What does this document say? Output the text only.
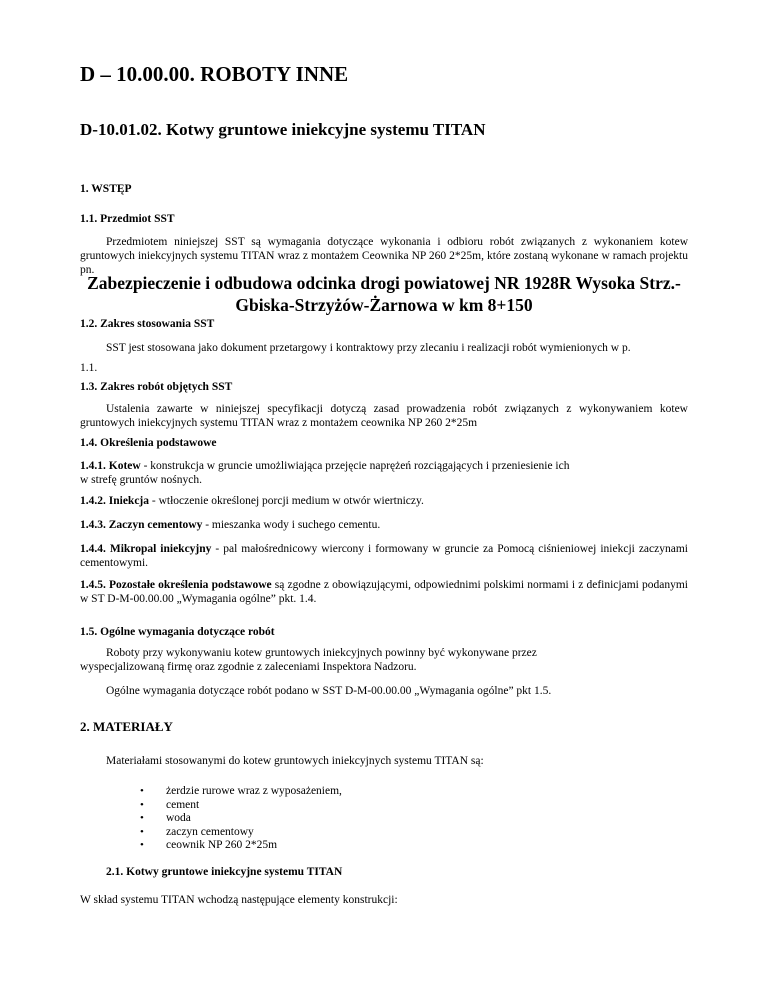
D – 10.00.00. ROBOTY INNE
D-10.01.02. Kotwy gruntowe iniekcyjne systemu TITAN
1. WSTĘP
1.1. Przedmiot SST

Przedmiotem niniejszej SST są wymagania dotyczące wykonania i odbioru robót związanych z wykonaniem kotew gruntowych iniekcyjnych systemu TITAN wraz z montażem Ceownika NP 260 2*25m, które zostaną wykonane w ramach projektu pn.

Zabezpieczenie i odbudowa odcinka drogi powiatowej NR 1928R Wysoka Strz.-
Gbiska-Strzyżów-Żarnowa w km 8+150
1.2. Zakres stosowania SST
SST jest stosowana jako dokument przetargowy i kontraktowy przy zlecaniu i realizacji robót wymienionych w p.
1.1.
1.3. Zakres robót objętych SST

Ustalenia zawarte w niniejszej specyfikacji dotyczą zasad prowadzenia robót związanych z wykonywaniem kotew gruntowych iniekcyjnych systemu TITAN wraz z montażem ceownika NP 260 2*25m

1.4. Określenia podstawowe
1.4.1. Kotew - konstrukcja w gruncie umożliwiająca przejęcie naprężeń rozciągających i przeniesienie ich
w strefę gruntów nośnych.
1.4.2. Iniekcja - wtłoczenie określonej porcji medium w otwór wiertniczy.
1.4.3. Zaczyn cementowy - mieszanka wody i suchego cementu.
1.4.4. Mikropal iniekcyjny - pal małośrednicowy wiercony i formowany w gruncie za Pomocą ciśnieniowej iniekcji zaczynami cementowymi.
1.4.5. Pozostałe określenia podstawowe są zgodne z obowiązującymi, odpowiednimi polskimi normami i z definicjami podanymi w ST D-M-00.00.00 „Wymagania ogólne” pkt. 1.4.
1.5. Ogólne wymagania dotyczące robót
Roboty przy wykonywaniu kotew gruntowych iniekcyjnych powinny być wykonywane przez
wyspecjalizowaną firmę oraz zgodnie z zaleceniami Inspektora Nadzoru.

Ogólne wymagania dotyczące robót podano w SST D-M-00.00.00 „Wymagania ogólne” pkt 1.5.

2. MATERIAŁY

Materiałami stosowanymi do kotew gruntowych iniekcyjnych systemu TITAN są:

• żerdzie rurowe wraz z wyposażeniem,
• cement
• woda
• zaczyn cementowy
• ceownik NP 260 2*25m
2.1. Kotwy gruntowe iniekcyjne systemu TITAN

W skład systemu TITAN wchodzą następujące elementy konstrukcji:
